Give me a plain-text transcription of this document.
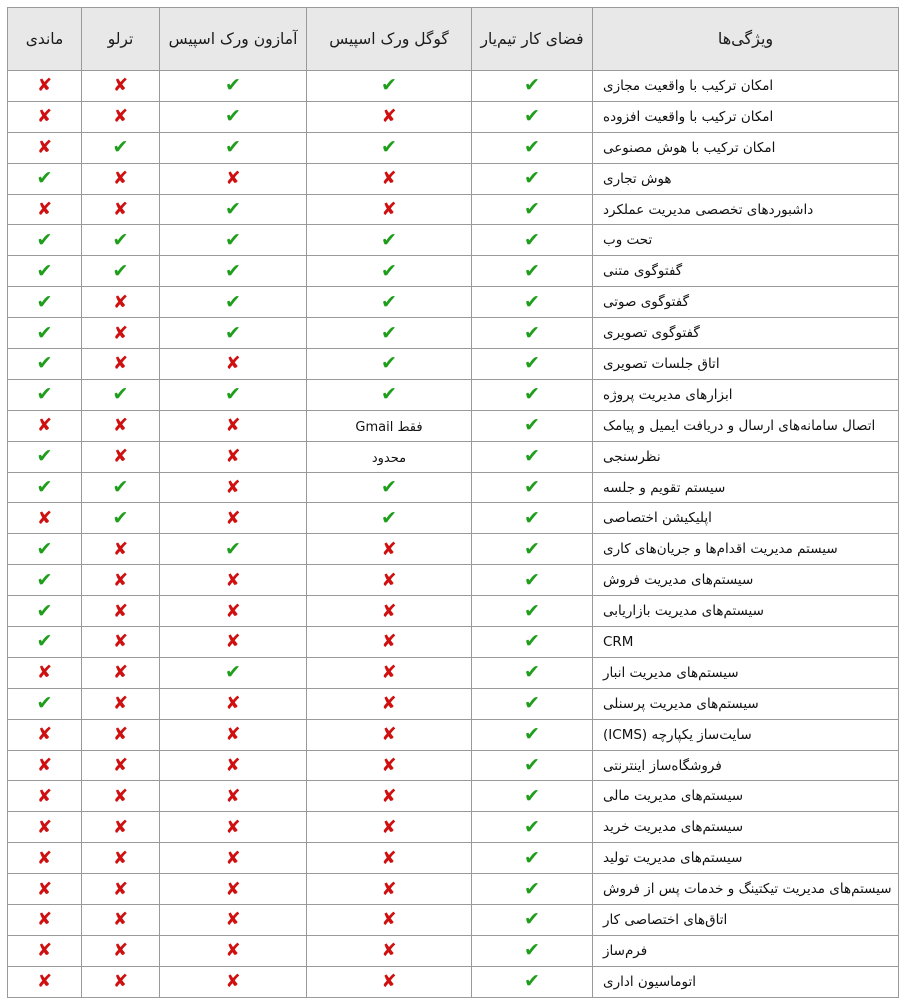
ویژگی‌ها	فضای کار تیم‌یار	گوگل ورک اسپیس	آمازون ورک اسپیس	ترلو	ماندی
امکان ترکیب با واقعیت مجازی	✔	✔	✔	✘	✘
امکان ترکیب با واقعیت افزوده	✔	✘	✔	✘	✘
امکان ترکیب با هوش مصنوعی	✔	✔	✔	✔	✘
هوش تجاری	✔	✘	✘	✘	✔
داشبوردهای تخصصی مدیریت عملکرد	✔	✘	✔	✘	✘
تحت وب	✔	✔	✔	✔	✔
گفتوگوی متنی	✔	✔	✔	✔	✔
گفتوگوی صوتی	✔	✔	✔	✘	✔
گفتوگوی تصویری	✔	✔	✔	✘	✔
اتاق جلسات تصویری	✔	✔	✘	✘	✔
ابزارهای مدیریت پروژه	✔	✔	✔	✔	✔
اتصال سامانه‌های ارسال و دریافت ایمیل و پیامک	✔	فقط Gmail	✘	✘	✘
نظرسنجی	✔	محدود	✘	✘	✔
سیستم تقویم و جلسه	✔	✔	✘	✔	✔
اپلیکیشن اختصاصی	✔	✔	✘	✔	✘
سیستم مدیریت اقدام‌ها و جریان‌های کاری	✔	✘	✔	✘	✔
سیستم‌های مدیریت فروش	✔	✘	✘	✘	✔
سیستم‌های مدیریت بازاریابی	✔	✘	✘	✘	✔
CRM	✔	✘	✘	✘	✔
سیستم‌های مدیریت انبار	✔	✘	✔	✘	✘
سیستم‌های مدیریت پرسنلی	✔	✘	✘	✘	✔
سایت‌ساز یکپارچه (ICMS)	✔	✘	✘	✘	✘
فروشگاه‌ساز اینترنتی	✔	✘	✘	✘	✘
سیستم‌های مدیریت مالی	✔	✘	✘	✘	✘
سیستم‌های مدیریت خرید	✔	✘	✘	✘	✘
سیستم‌های مدیریت تولید	✔	✘	✘	✘	✘
سیستم‌های مدیریت تیکتینگ و خدمات پس از فروش	✔	✘	✘	✘	✘
اتاق‌های اختصاصی کار	✔	✘	✘	✘	✘
فرم‌ساز	✔	✘	✘	✘	✘
اتوماسیون اداری	✔	✘	✘	✘	✘
